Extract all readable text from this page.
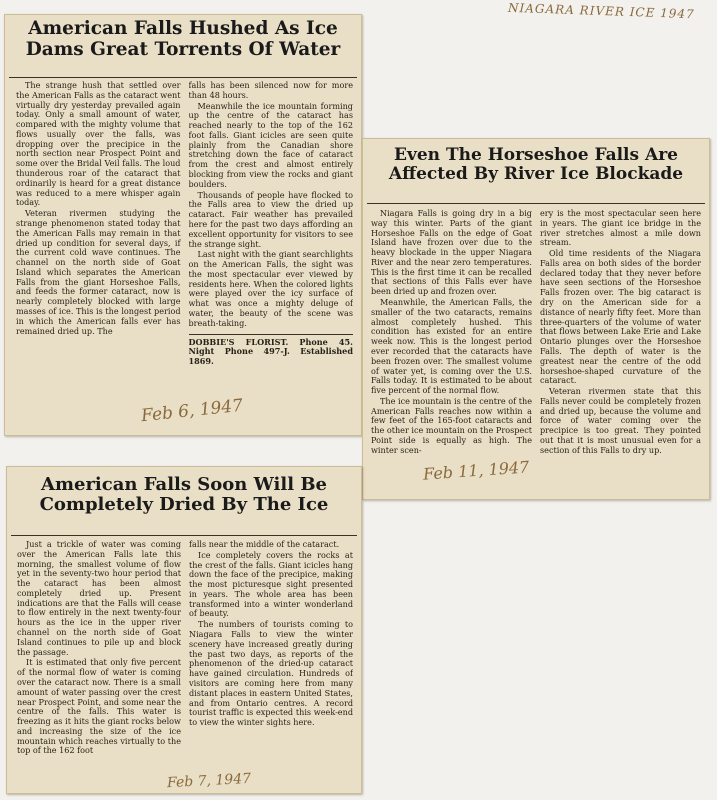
NIAGARA RIVER ICE 1947
American Falls Hushed As Ice
Dams Great Torrents Of Water

The strange hush that settled over the American Falls as the cataract went virtually dry yesterday prevailed again today. Only a small amount of water, compared with the mighty volume that flows usually over the falls, was dropping over the precipice in the north section near Prospect Point and some over the Bridal Veil falls. The loud thunderous roar of the cataract that ordinarily is heard for a great distance was reduced to a mere whisper again today.

Veteran rivermen studying the strange phenomenon stated today that the American Falls may remain in that dried up condition for several days, if the current cold wave continues. The channel on the north side of Goat Island which separates the American Falls from the giant Horseshoe Falls, and feeds the former cataract, now is nearly completely blocked with large masses of ice. This is the longest period in which the American falls ever has remained dried up. The

falls has been silenced now for more than 48 hours.

Meanwhile the ice mountain forming up the centre of the cataract has reached nearly to the top of the 162 foot falls. Giant icicles are seen quite plainly from the Canadian shore stretching down the face of cataract from the crest and almost entirely blocking from view the rocks and giant boulders.

Thousands of people have flocked to the Falls area to view the dried up cataract. Fair weather has prevailed here for the past two days affording an excellent opportunity for visitors to see the strange sight.

Last night with the giant searchlights on the American Falls, the sight was the most spectacular ever viewed by residents here. When the colored lights were played over the icy surface of what was once a mighty deluge of water, the beauty of the scene was breath-taking.

DOBBIE'S FLORIST. Phone 45. Night Phone 497-J. Established 1869.

Feb 6, 1947
Even The Horseshoe Falls Are
Affected By River Ice Blockade

Niagara Falls is going dry in a big way this winter. Parts of the giant Horseshoe Falls on the edge of Goat Island have frozen over due to the heavy blockade in the upper Niagara River and the near zero temperatures. This is the first time it can be recalled that sections of this Falls ever have been dried up and frozen over.

Meanwhile, the American Falls, the smaller of the two cataracts, remains almost completely hushed. This condition has existed for an entire week now. This is the longest period ever recorded that the cataracts have been frozen over. The smallest volume of water yet, is coming over the U.S. Falls today. It is estimated to be about five percent of the normal flow.

The ice mountain is the centre of the American Falls reaches now within a few feet of the 165-foot cataracts and the other ice mountain on the Prospect Point side is equally as high. The winter scen-

ery is the most spectacular seen here in years. The giant ice bridge in the river stretches almost a mile down stream.

Old time residents of the Niagara Falls area on both sides of the border declared today that they never before have seen sections of the Horseshoe Falls frozen over. The big cataract is dry on the American side for a distance of nearly fifty feet. More than three-quarters of the volume of water that flows between Lake Erie and Lake Ontario plunges over the Horseshoe Falls. The depth of water is the greatest near the centre of the odd horseshoe-shaped curvature of the cataract.

Veteran rivermen state that this Falls never could be completely frozen and dried up, because the volume and force of water coming over the precipice is too great. They pointed out that it is most unusual even for a section of this Falls to dry up.

Feb 11, 1947
American Falls Soon Will Be
Completely Dried By The Ice

Just a trickle of water was coming over the American Falls late this morning, the smallest volume of flow yet in the seventy-two hour period that the cataract has been almost completely dried up. Present indications are that the Falls will cease to flow entirely in the next twenty-four hours as the ice in the upper river channel on the north side of Goat Island continues to pile up and block the passage.

It is estimated that only five percent of the normal flow of water is coming over the cataract now. There is a small amount of water passing over the crest near Prospect Point, and some near the centre of the falls. This water is freezing as it hits the giant rocks below and increasing the size of the ice mountain which reaches virtually to the top of the 162 foot

falls near the middle of the cataract.

Ice completely covers the rocks at the crest of the falls. Giant icicles hang down the face of the precipice, making the most picturesque sight presented in years. The whole area has been transformed into a winter wonderland of beauty.

The numbers of tourists coming to Niagara Falls to view the winter scenery have increased greatly during the past two days, as reports of the phenomenon of the dried-up cataract have gained circulation. Hundreds of visitors are coming here from many distant places in eastern United States, and from Ontario centres. A record tourist traffic is expected this week-end to view the winter sights here.

Feb 7, 1947
